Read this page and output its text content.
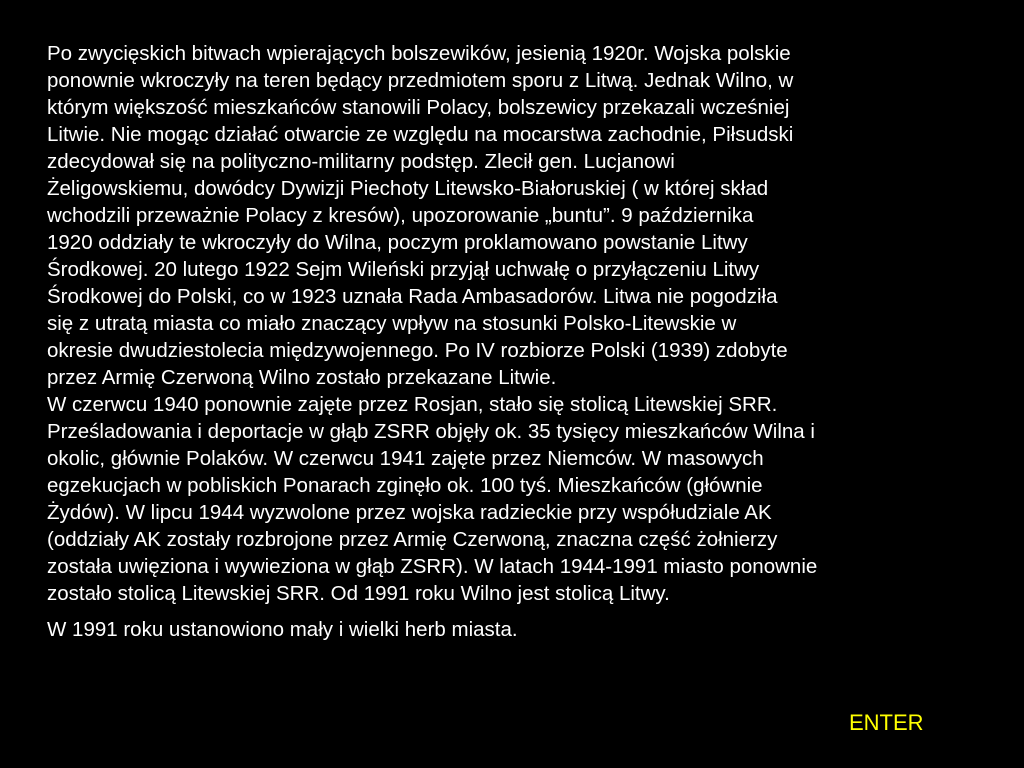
Po zwycięskich bitwach wpierających bolszewików, jesienią 1920r. Wojska polskie
ponownie wkroczyły na teren będący przedmiotem sporu z Litwą. Jednak Wilno, w
którym większość mieszkańców stanowili Polacy, bolszewicy przekazali wcześniej
Litwie. Nie mogąc działać otwarcie ze względu na mocarstwa zachodnie, Piłsudski
zdecydował się na polityczno-militarny podstęp. Zlecił gen. Lucjanowi
Żeligowskiemu, dowódcy Dywizji Piechoty Litewsko-Białoruskiej ( w której skład
wchodzili przeważnie Polacy z kresów), upozorowanie „buntu”. 9 października
1920 oddziały te wkroczyły do Wilna, poczym proklamowano powstanie Litwy
Środkowej. 20 lutego 1922 Sejm Wileński przyjął uchwałę o przyłączeniu Litwy
Środkowej do Polski, co w 1923 uznała Rada Ambasadorów. Litwa nie pogodziła
się z utratą miasta co miało znaczący wpływ na stosunki Polsko-Litewskie w
okresie dwudziestolecia międzywojennego. Po IV rozbiorze Polski (1939) zdobyte
przez Armię Czerwoną Wilno zostało przekazane Litwie.
W czerwcu 1940 ponownie zajęte przez Rosjan, stało się stolicą Litewskiej SRR.
Prześladowania i deportacje w głąb ZSRR objęły ok. 35 tysięcy mieszkańców Wilna i
okolic, głównie Polaków. W czerwcu 1941 zajęte przez Niemców. W masowych
egzekucjach w pobliskich Ponarach zginęło ok. 100 tyś. Mieszkańców (głównie
Żydów). W lipcu 1944 wyzwolone przez wojska radzieckie przy współudziale AK
(oddziały AK zostały rozbrojone przez Armię Czerwoną, znaczna część żołnierzy
została uwięziona i wywieziona w głąb ZSRR). W latach 1944-1991 miasto ponownie
zostało stolicą Litewskiej SRR. Od 1991 roku Wilno jest stolicą Litwy.
W 1991 roku ustanowiono mały i wielki herb miasta.
ENTER
